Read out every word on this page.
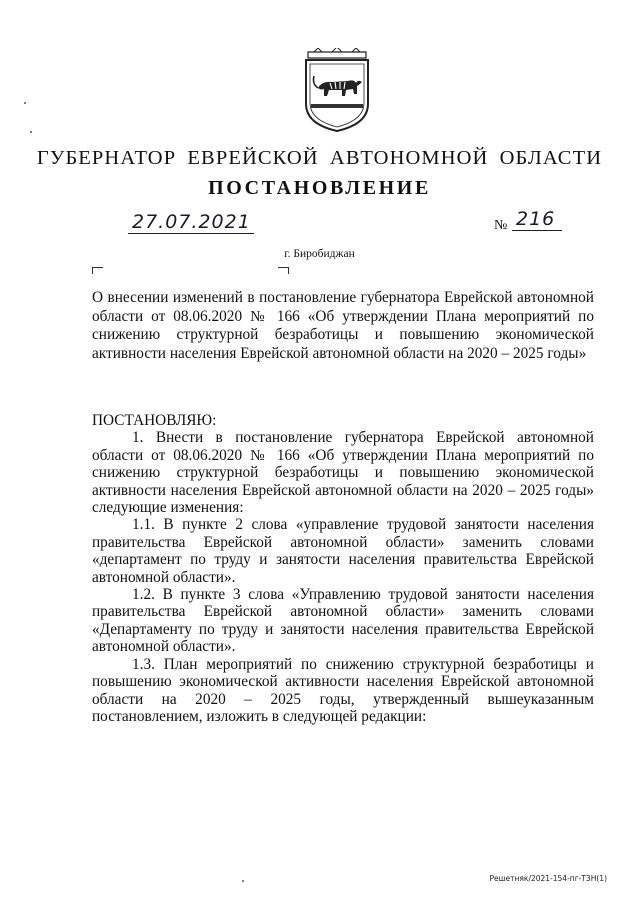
ГУБЕРНАТОР ЕВРЕЙСКОЙ АВТОНОМНОЙ ОБЛАСТИ
ПОСТАНОВЛЕНИЕ
27.07.2021	№ 216
г. Биробиджан
О внесении изменений в постановление губернатора Еврейской автономной области от 08.06.2020 № 166 «Об утверждении Плана мероприятий по снижению структурной безработицы и повышению экономической активности населения Еврейской автономной области на 2020 – 2025 годы»

ПОСТАНОВЛЯЮ:

1. Внести в постановление губернатора Еврейской автономной области от 08.06.2020 № 166 «Об утверждении Плана мероприятий по снижению структурной безработицы и повышению экономической активности населения Еврейской автономной области на 2020 – 2025 годы» следующие изменения:

1.1. В пункте 2 слова «управление трудовой занятости населения правительства Еврейской автономной области» заменить словами «департамент по труду и занятости населения правительства Еврейской автономной области».

1.2. В пункте 3 слова «Управлению трудовой занятости населения правительства Еврейской автономной области» заменить словами «Департаменту по труду и занятости населения правительства Еврейской автономной области».

1.3. План мероприятий по снижению структурной безработицы и повышению экономической активности населения Еврейской автономной области на 2020 – 2025 годы, утвержденный вышеуказанным постановлением, изложить в следующей редакции:

Решетняк/2021-154-пг-ТЗН(1)
